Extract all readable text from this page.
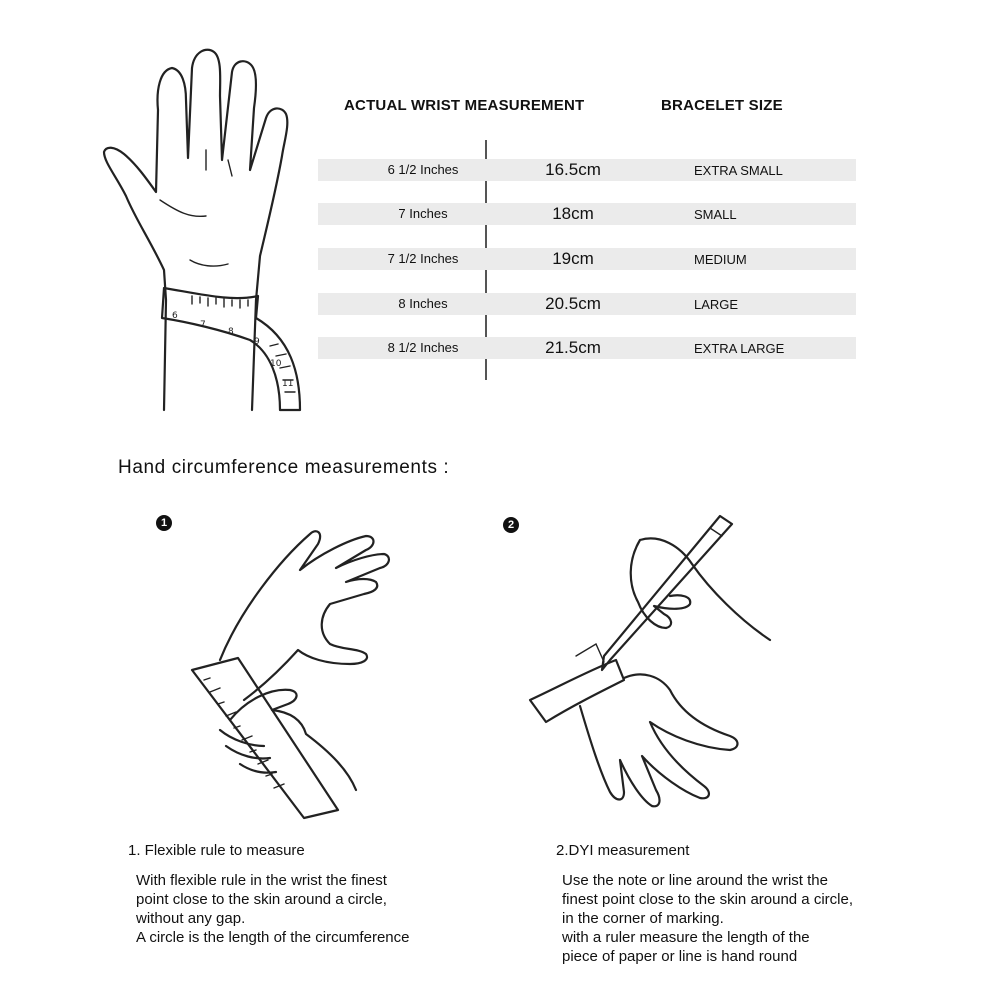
6
7
8
9
10
11
ACTUAL WRIST MEASUREMENT	BRACELET SIZE
6 1/2 Inches	16.5cm	EXTRA SMALL
7 Inches	18cm	SMALL
7 1/2 Inches	19cm	MEDIUM
8 Inches	20.5cm	LARGE
8 1/2 Inches	21.5cm	EXTRA LARGE
Hand circumference measurements :
1	2
1. Flexible rule to measure

With flexible rule in the wrist the finest

point close to the skin around a circle,

without any gap.

A circle is the length of the circumference

2.DYI measurement

Use the note or line around the wrist the

finest point close to the skin around a circle,

in the corner of marking.

with a ruler measure the length of the

piece of paper or line is hand round
